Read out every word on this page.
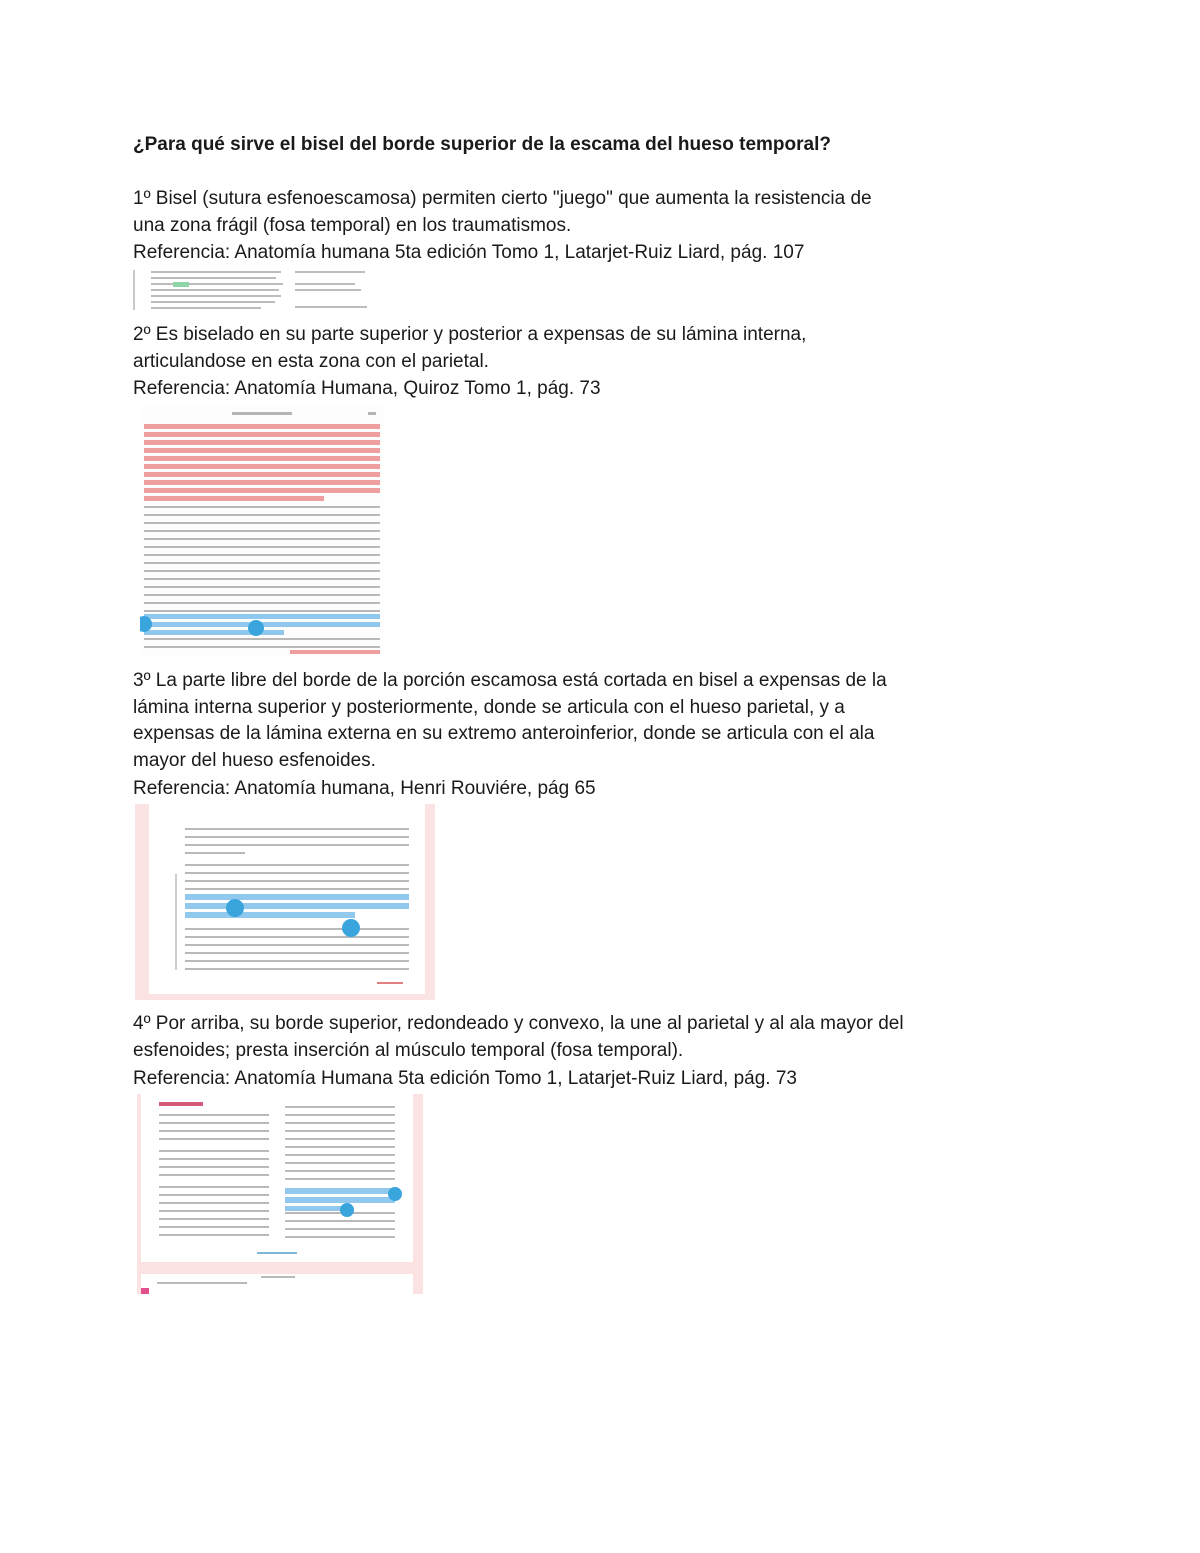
¿Para qué sirve el bisel del borde superior de la escama del hueso temporal?
1º Bisel (sutura esfenoescamosa) permiten cierto "juego" que aumenta la resistencia de
una zona frágil (fosa temporal) en los traumatismos.
Referencia: Anatomía humana 5ta edición Tomo 1, Latarjet-Ruiz Liard, pág. 107
2º Es biselado en su parte superior y posterior a expensas de su lámina interna,
articulandose en esta zona con el parietal.
Referencia: Anatomía Humana, Quiroz Tomo 1, pág. 73
3º La parte libre del borde de la porción escamosa está cortada en bisel a expensas de la
lámina interna superior y posteriormente, donde se articula con el hueso parietal, y a
expensas de la lámina externa en su extremo anteroinferior, donde se articula con el ala
mayor del hueso esfenoides.
Referencia: Anatomía humana, Henri Rouviére, pág 65
4º Por arriba, su borde superior, redondeado y convexo, la une al parietal y al ala mayor del
esfenoides; presta inserción al músculo temporal (fosa temporal).
Referencia: Anatomía Humana 5ta edición Tomo 1, Latarjet-Ruiz Liard, pág. 73
